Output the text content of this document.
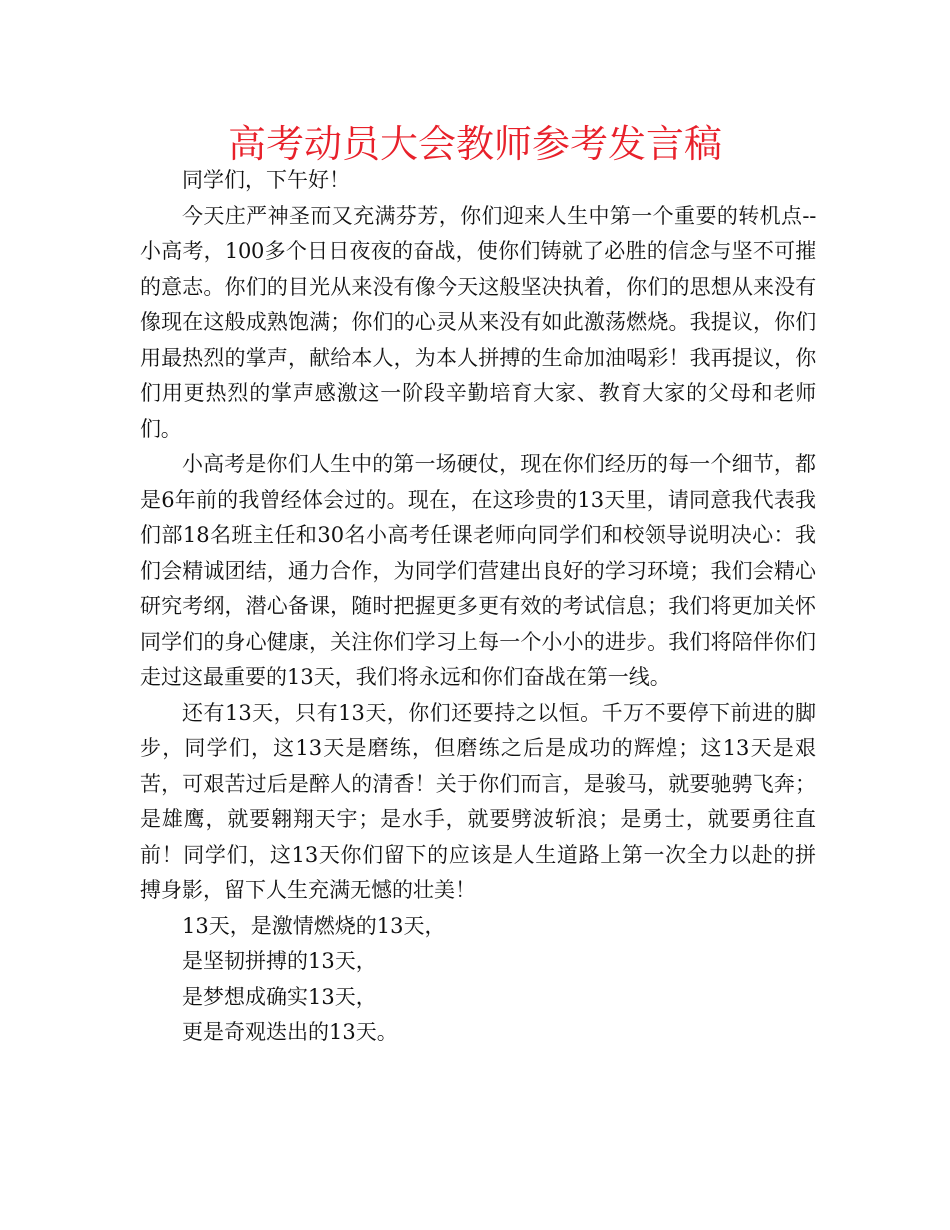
高考动员大会教师参考发言稿

同学们，下午好！

今天庄严神圣而又充满芬芳，你们迎来人生中第一个重要的转机点--小高考，100多个日日夜夜的奋战，使你们铸就了必胜的信念与坚不可摧的意志。你们的目光从来没有像今天这般坚决执着，你们的思想从来没有像现在这般成熟饱满；你们的心灵从来没有如此激荡燃烧。我提议，你们用最热烈的掌声，献给本人，为本人拼搏的生命加油喝彩！我再提议，你们用更热烈的掌声感激这一阶段辛勤培育大家、教育大家的父母和老师们。

小高考是你们人生中的第一场硬仗，现在你们经历的每一个细节，都是6年前的我曾经体会过的。现在，在这珍贵的13天里，请同意我代表我们部18名班主任和30名小高考任课老师向同学们和校领导说明决心：我们会精诚团结，通力合作，为同学们营建出良好的学习环境；我们会精心研究考纲，潜心备课，随时把握更多更有效的考试信息；我们将更加关怀同学们的身心健康，关注你们学习上每一个小小的进步。我们将陪伴你们走过这最重要的13天，我们将永远和你们奋战在第一线。

还有13天，只有13天，你们还要持之以恒。千万不要停下前进的脚步，同学们，这13天是磨练，但磨练之后是成功的辉煌；这13天是艰苦，可艰苦过后是醉人的清香！关于你们而言，是骏马，就要驰骋飞奔；是雄鹰，就要翱翔天宇；是水手，就要劈波斩浪；是勇士，就要勇往直前！同学们，这13天你们留下的应该是人生道路上第一次全力以赴的拼搏身影，留下人生充满无憾的壮美！

13天，是激情燃烧的13天，

是坚韧拼搏的13天，

是梦想成确实13天，

更是奇观迭出的13天。
